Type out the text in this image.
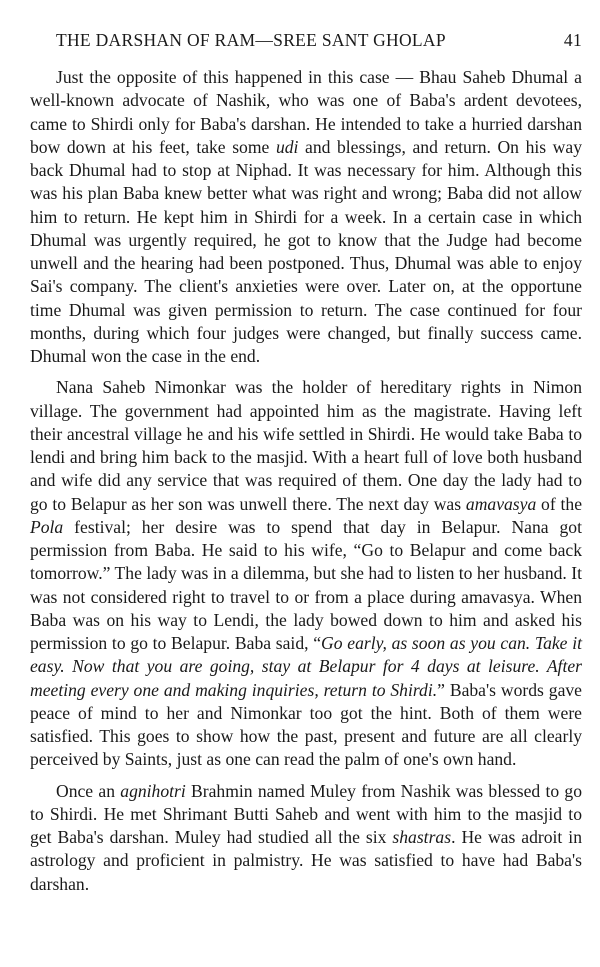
THE DARSHAN OF RAM—SREE SANT GHOLAP	41

Just the opposite of this happened in this case — Bhau Saheb Dhumal a well-known advocate of Nashik, who was one of Baba's ardent devotees, came to Shirdi only for Baba's darshan. He intended to take a hurried darshan bow down at his feet, take some udi and blessings, and return. On his way back Dhumal had to stop at Niphad. It was necessary for him. Although this was his plan Baba knew better what was right and wrong; Baba did not allow him to return. He kept him in Shirdi for a week. In a certain case in which Dhumal was urgently required, he got to know that the Judge had become unwell and the hearing had been postponed. Thus, Dhumal was able to enjoy Sai's company. The client's anxieties were over. Later on, at the opportune time Dhumal was given permission to return. The case continued for four months, during which four judges were changed, but finally success came. Dhumal won the case in the end.

Nana Saheb Nimonkar was the holder of hereditary rights in Nimon village. The government had appointed him as the magistrate. Having left their ancestral village he and his wife settled in Shirdi. He would take Baba to lendi and bring him back to the masjid. With a heart full of love both husband and wife did any service that was required of them. One day the lady had to go to Belapur as her son was unwell there. The next day was amavasya of the Pola festival; her desire was to spend that day in Belapur. Nana got permission from Baba. He said to his wife, “Go to Belapur and come back tomorrow.” The lady was in a dilemma, but she had to listen to her husband. It was not considered right to travel to or from a place during amavasya. When Baba was on his way to Lendi, the lady bowed down to him and asked his permission to go to Belapur. Baba said, “Go early, as soon as you can. Take it easy. Now that you are going, stay at Belapur for 4 days at leisure. After meeting every one and making inquiries, return to Shirdi.” Baba's words gave peace of mind to her and Nimonkar too got the hint. Both of them were satisfied. This goes to show how the past, present and future are all clearly perceived by Saints, just as one can read the palm of one's own hand.

Once an agnihotri Brahmin named Muley from Nashik was blessed to go to Shirdi. He met Shrimant Butti Saheb and went with him to the masjid to get Baba's darshan. Muley had studied all the six shastras. He was adroit in astrology and proficient in palmistry. He was satisfied to have had Baba's darshan.
